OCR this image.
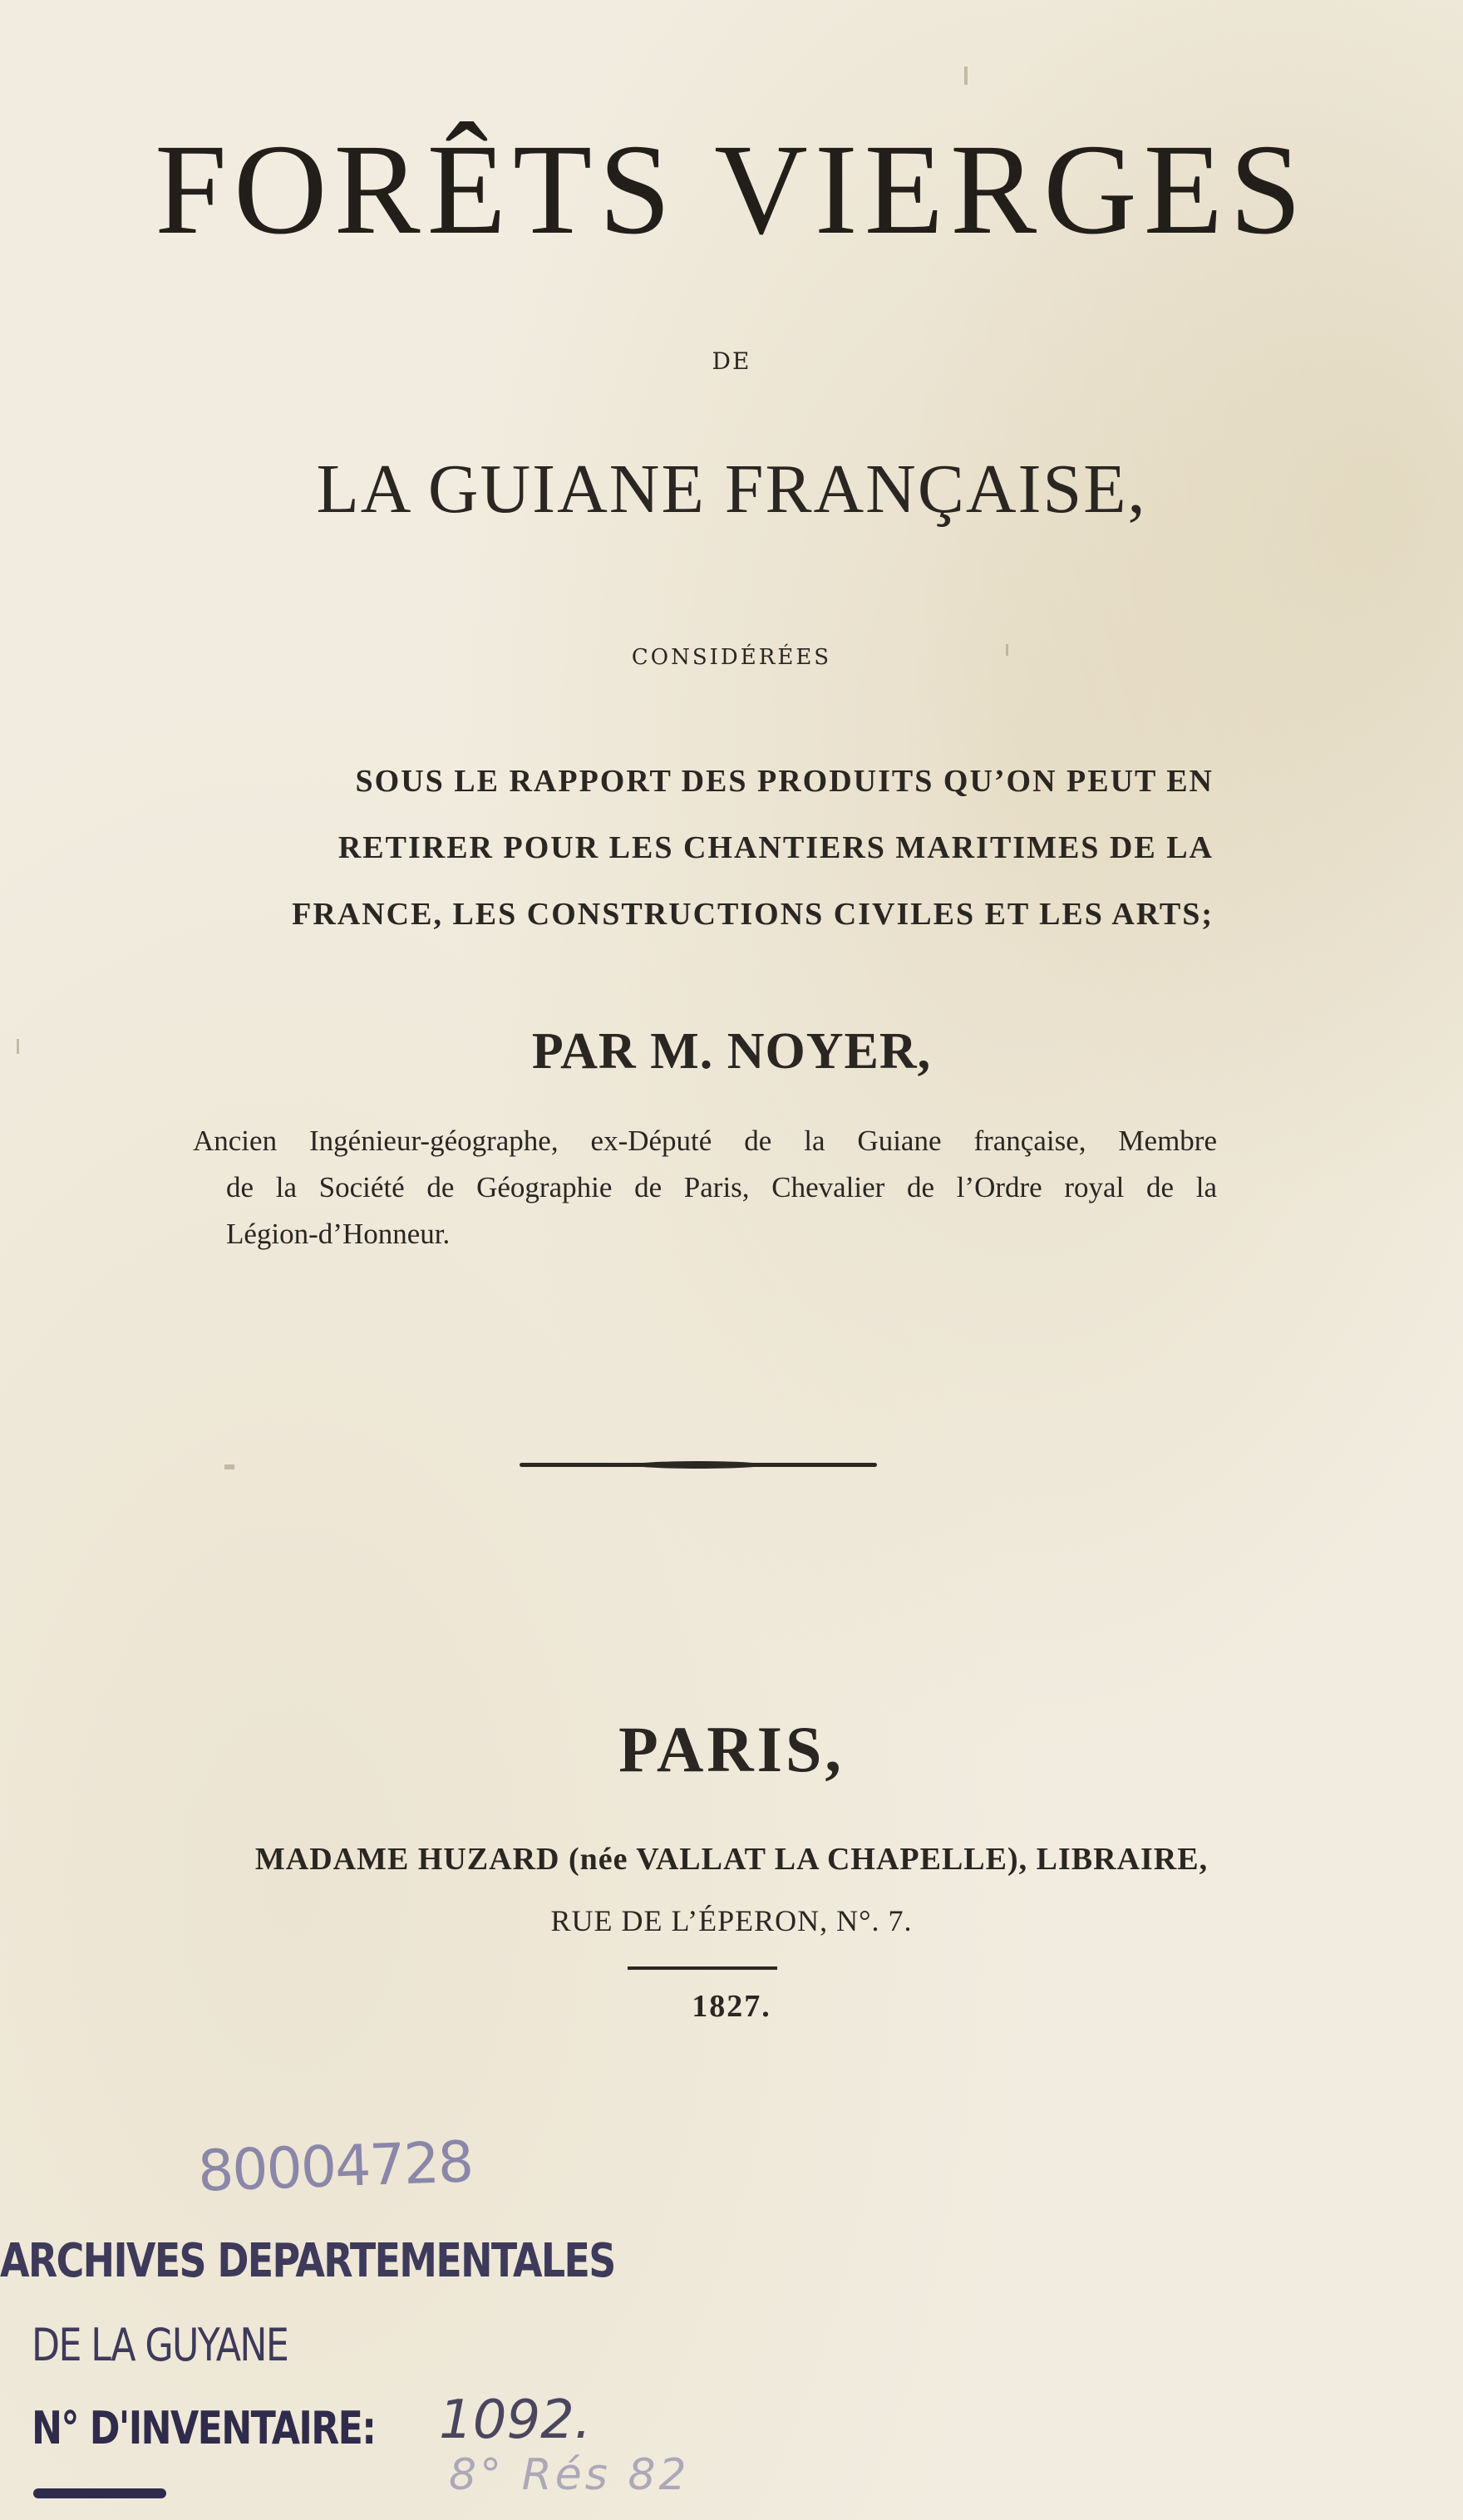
FORÊTS VIERGES
DE
LA GUIANE FRANÇAISE,
CONSIDÉRÉES
SOUS LE RAPPORT DES PRODUITS QU’ON PEUT EN
RETIRER POUR LES CHANTIERS MARITIMES DE LA
FRANCE, LES CONSTRUCTIONS CIVILES ET LES ARTS;
PAR M. NOYER,
Ancien Ingénieur-géographe, ex-Député de la Guiane française, Membre
de la Société de Géographie de Paris, Chevalier de l’Ordre royal de la
Légion-d’Honneur.
PARIS,
MADAME HUZARD (née VALLAT LA CHAPELLE), LIBRAIRE,
RUE DE L’ÉPERON, N°. 7.
1827.
80004728
ARCHIVES DEPARTEMENTALES
DE LA GUYANE
N° D'INVENTAIRE: 1092.
8° Rés 82
